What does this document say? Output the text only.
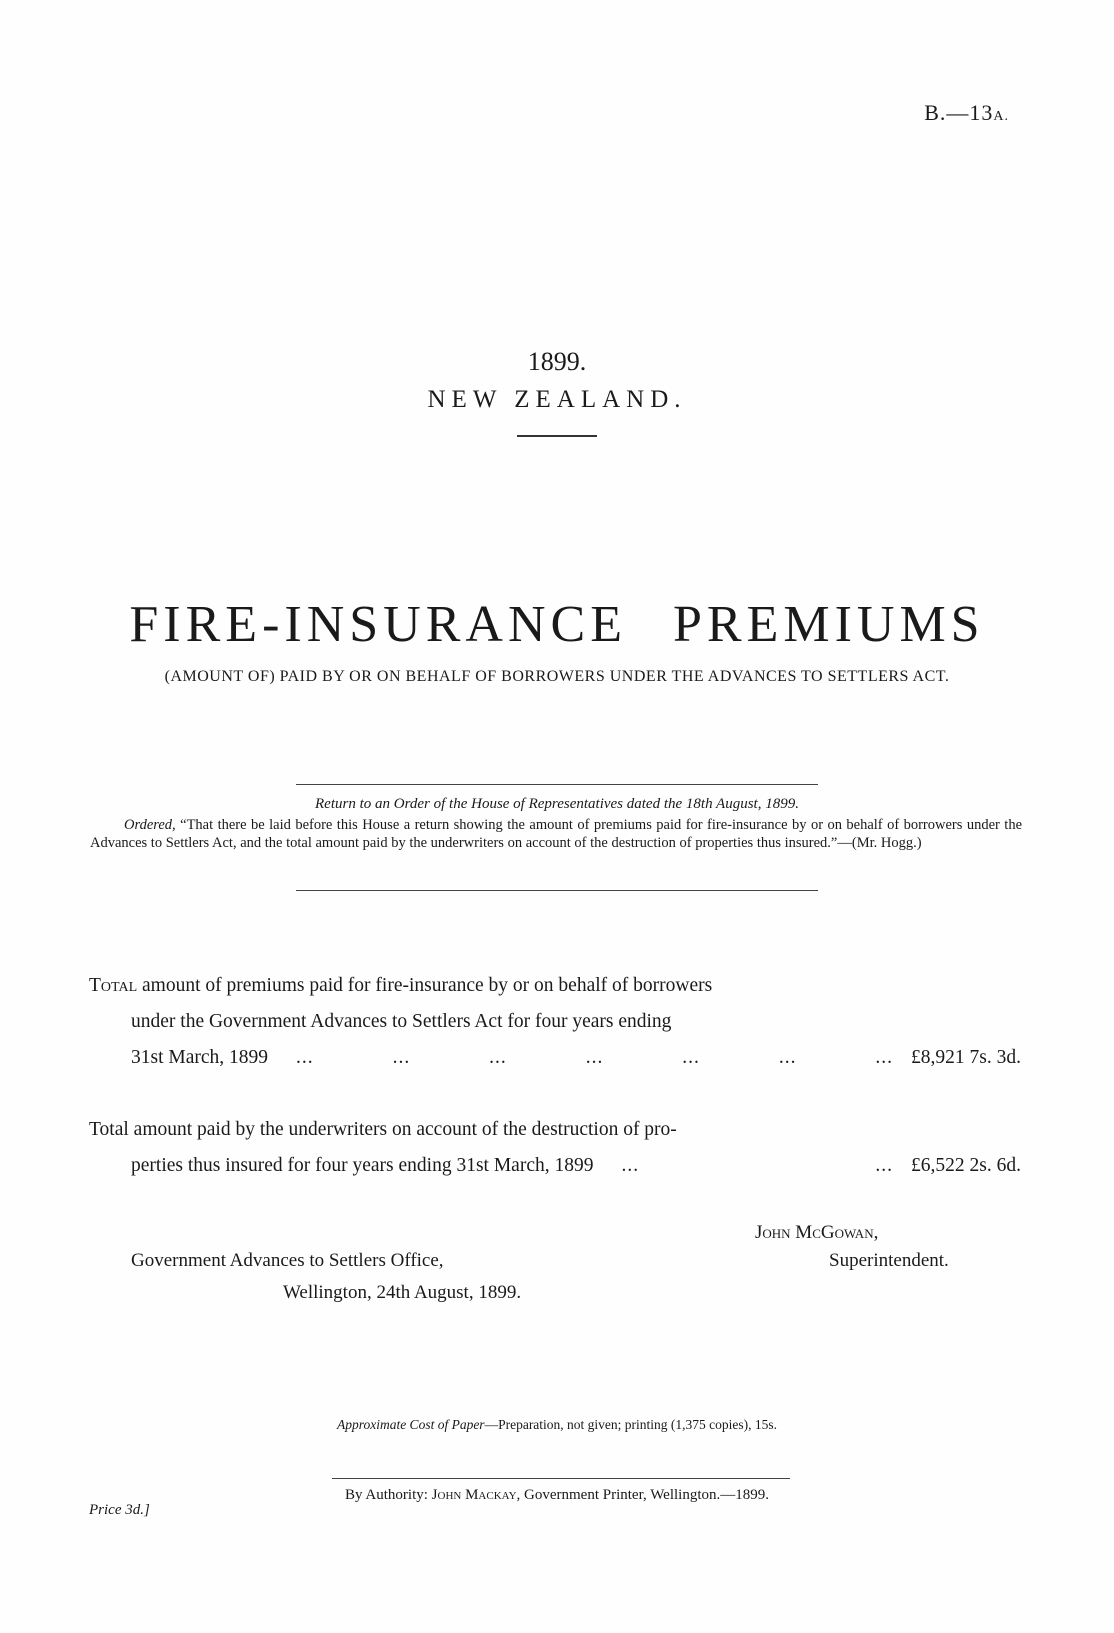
B.—13A.
1899.
NEW ZEALAND.
FIRE-INSURANCE PREMIUMS
(AMOUNT OF) PAID BY OR ON BEHALF OF BORROWERS UNDER THE ADVANCES TO SETTLERS ACT.
Return to an Order of the House of Representatives dated the 18th August, 1899.
Ordered, “That there be laid before this House a return showing the amount of premiums paid for fire-insurance by or on behalf of borrowers under the Advances to Settlers Act, and the total amount paid by the underwriters on account of the destruction of properties thus insured.”—(Mr. Hogg.)
Total amount of premiums paid for fire-insurance by or on behalf of borrowers
under the Government Advances to Settlers Act for four years ending
31st March, 1899 ...	...	...	...	...	...	... £8,921 7s. 3d.
Total amount paid by the underwriters on account of the destruction of pro-
perties thus insured for four years ending 31st March, 1899 ...	... £6,522 2s. 6d.
John McGowan,
Superintendent.
Government Advances to Settlers Office,
Wellington, 24th August, 1899.
Approximate Cost of Paper—Preparation, not given; printing (1,375 copies), 15s.
By Authority: John Mackay, Government Printer, Wellington.—1899.
Price 3d.]
